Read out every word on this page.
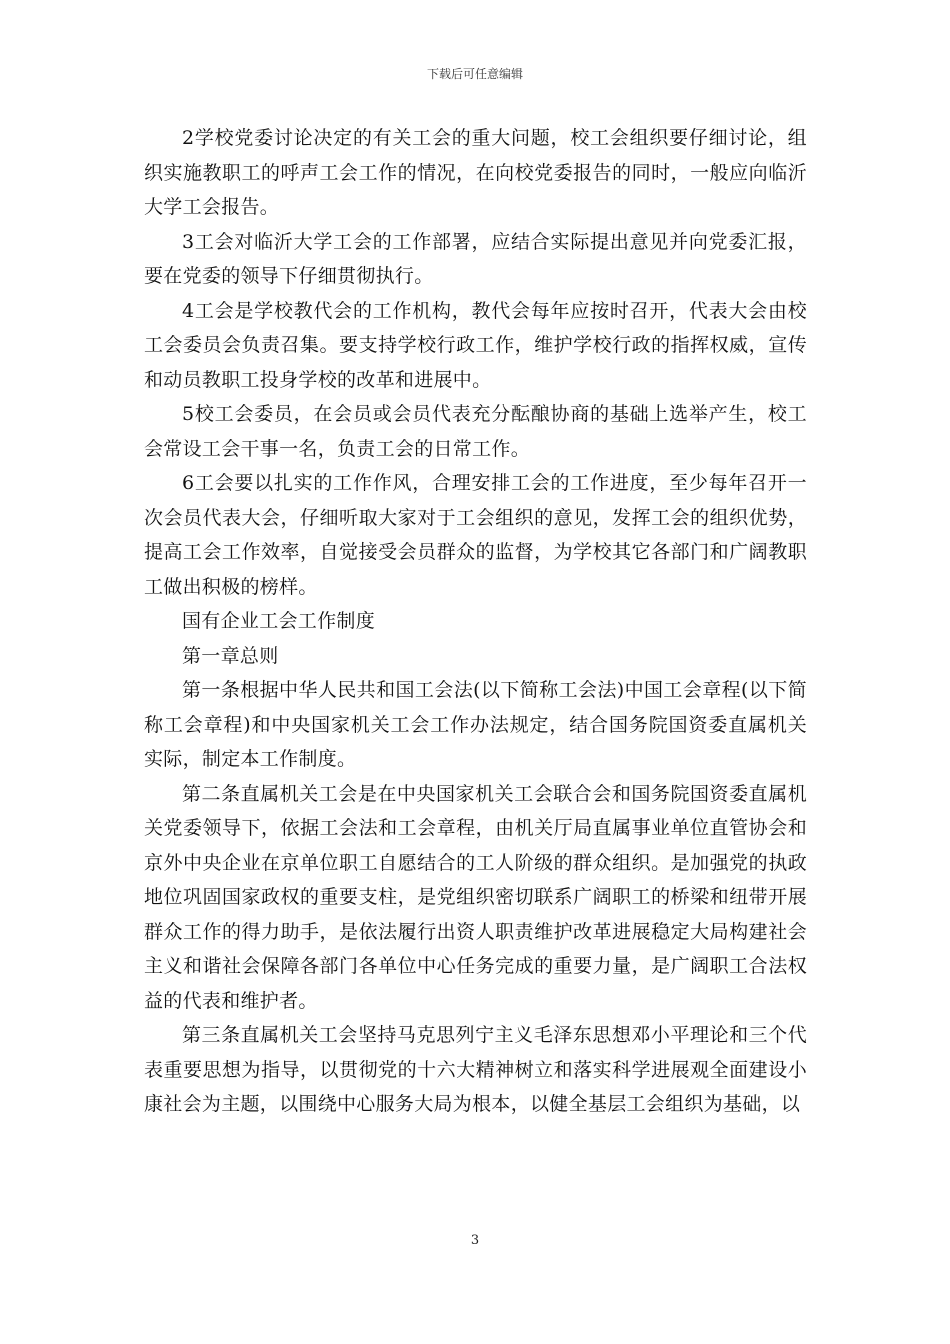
下载后可任意编辑

2学校党委讨论决定的有关工会的重大问题，校工会组织要仔细讨论，组织实施教职工的呼声工会工作的情况，在向校党委报告的同时，一般应向临沂大学工会报告。

3工会对临沂大学工会的工作部署，应结合实际提出意见并向党委汇报，要在党委的领导下仔细贯彻执行。

4工会是学校教代会的工作机构，教代会每年应按时召开，代表大会由校工会委员会负责召集。要支持学校行政工作，维护学校行政的指挥权威，宣传和动员教职工投身学校的改革和进展中。

5校工会委员，在会员或会员代表充分酝酿协商的基础上选举产生，校工会常设工会干事一名，负责工会的日常工作。

6工会要以扎实的工作作风，合理安排工会的工作进度，至少每年召开一次会员代表大会，仔细听取大家对于工会组织的意见，发挥工会的组织优势，提高工会工作效率，自觉接受会员群众的监督，为学校其它各部门和广阔教职工做出积极的榜样。

国有企业工会工作制度

第一章总则

第一条根据中华人民共和国工会法(以下简称工会法)中国工会章程(以下简称工会章程)和中央国家机关工会工作办法规定，结合国务院国资委直属机关实际，制定本工作制度。

第二条直属机关工会是在中央国家机关工会联合会和国务院国资委直属机关党委领导下，依据工会法和工会章程，由机关厅局直属事业单位直管协会和京外中央企业在京单位职工自愿结合的工人阶级的群众组织。是加强党的执政地位巩固国家政权的重要支柱，是党组织密切联系广阔职工的桥梁和纽带开展群众工作的得力助手，是依法履行出资人职责维护改革进展稳定大局构建社会主义和谐社会保障各部门各单位中心任务完成的重要力量，是广阔职工合法权益的代表和维护者。

第三条直属机关工会坚持马克思列宁主义毛泽东思想邓小平理论和三个代表重要思想为指导，以贯彻党的十六大精神树立和落实科学进展观全面建设小康社会为主题，以围绕中心服务大局为根本，以健全基层工会组织为基础，以

3
